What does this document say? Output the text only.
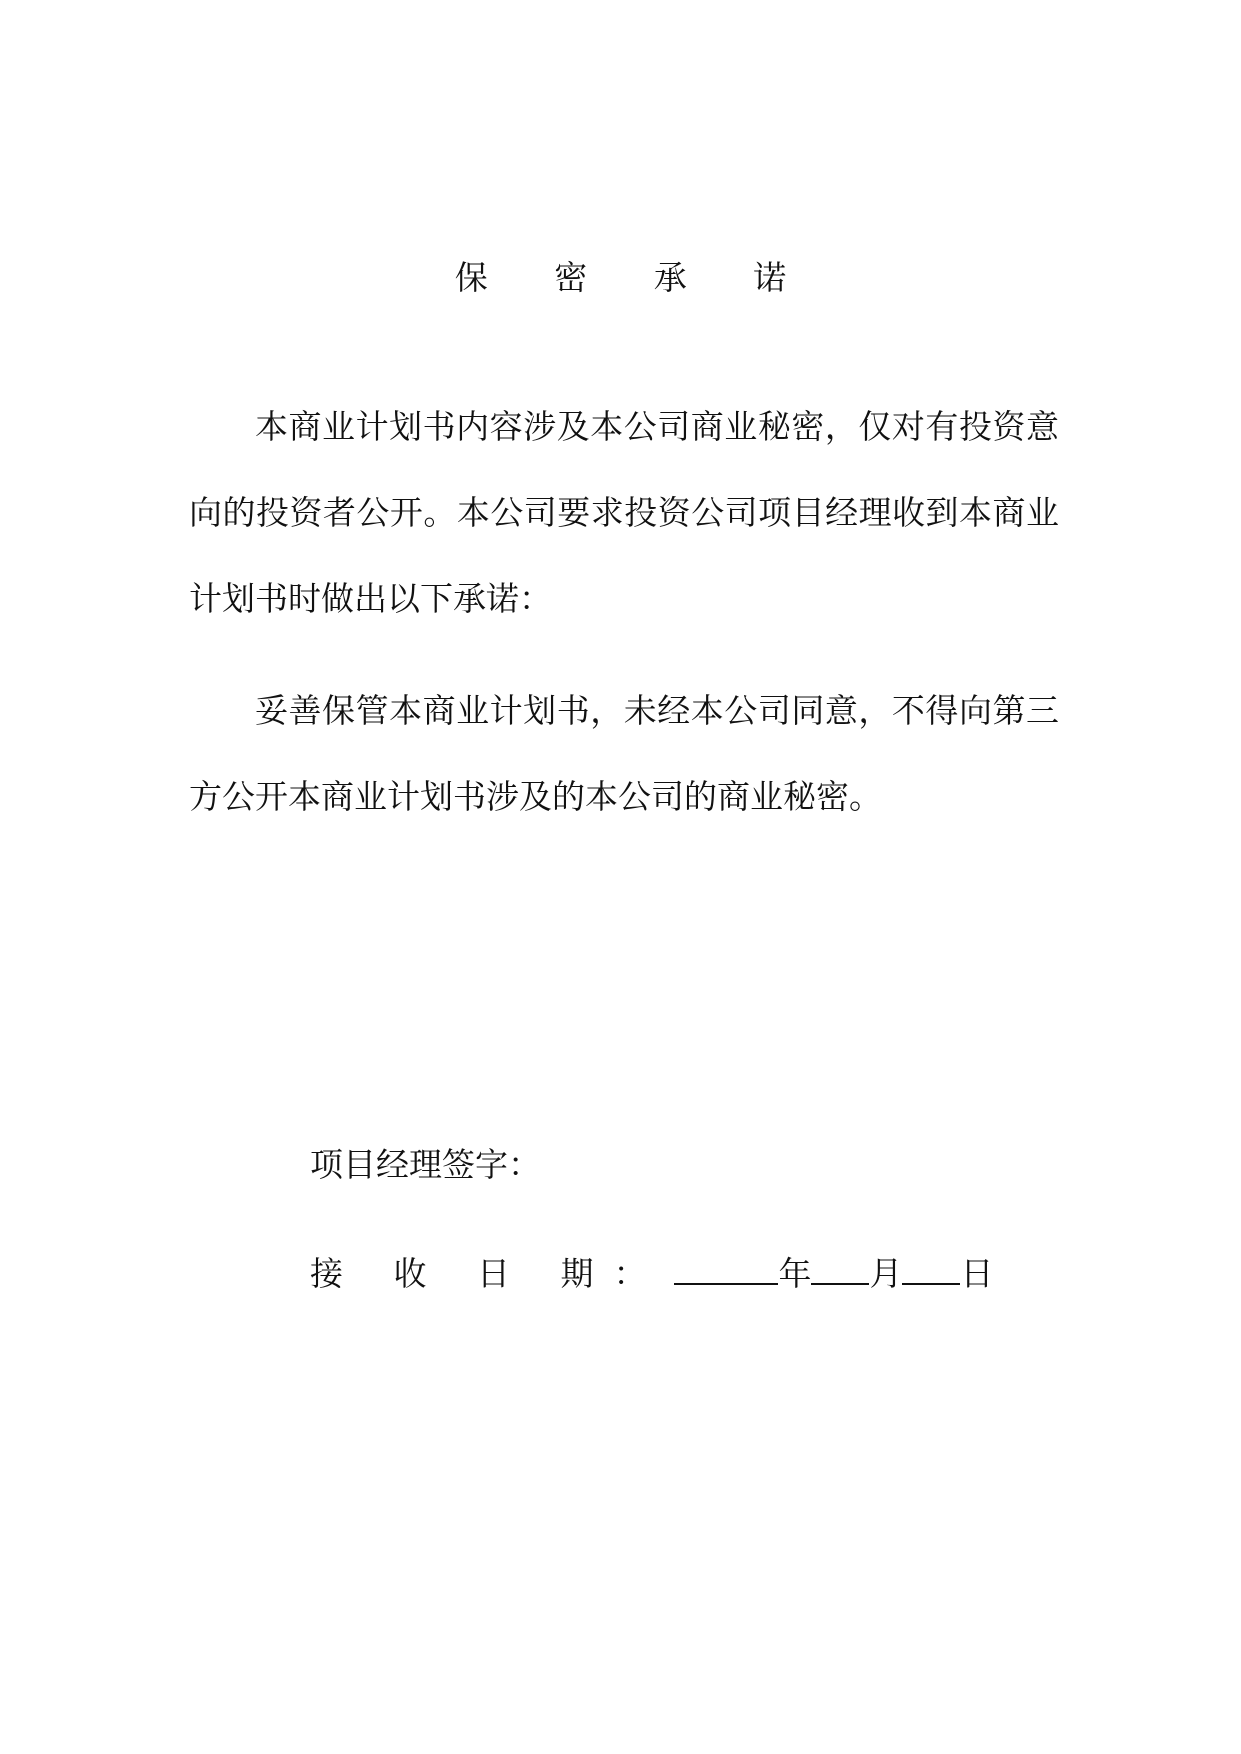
保 密 承 诺

本商业计划书内容涉及本公司商业秘密，仅对有投资意向的投资者公开。本公司要求投资公司项目经理收到本商业计划书时做出以下承诺：

妥善保管本商业计划书，未经本公司同意，不得向第三方公开本商业计划书涉及的本公司的商业秘密。

项目经理签字：
接 收 日 期：	年 月 日
